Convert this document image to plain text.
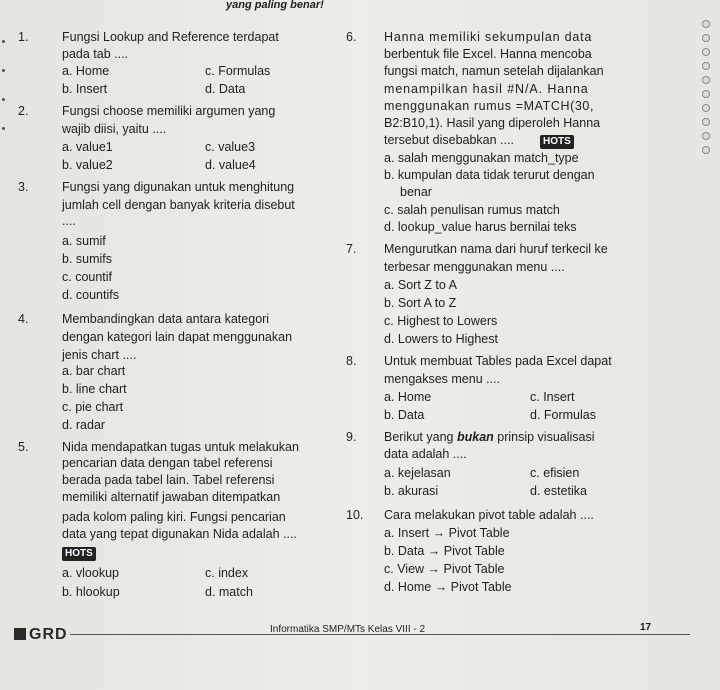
yang paling benar!
1.	Fungsi Lookup and Reference terdapat
pada tab ....
a. Home	c. Formulas
b. Insert	d. Data
2.	Fungsi choose memiliki argumen yang
wajib diisi, yaitu ....
a. value1	c. value3
b. value2	d. value4
3.	Fungsi yang digunakan untuk menghitung
jumlah cell dengan banyak kriteria disebut
....
a. sumif
b. sumifs
c. countif
d. countifs
4.	Membandingkan data antara kategori
dengan kategori lain dapat menggunakan
jenis chart ....
a. bar chart
b. line chart
c. pie chart
d. radar
5.	Nida mendapatkan tugas untuk melakukan
pencarian data dengan tabel referensi
berada pada tabel lain. Tabel referensi
memiliki alternatif jawaban ditempatkan
pada kolom paling kiri. Fungsi pencarian
data yang tepat digunakan Nida adalah ....
HOTS
a. vlookup	c. index
b. hlookup	d. match
6. Hanna memiliki sekumpulan data
berbentuk file Excel. Hanna mencoba
fungsi match, namun setelah dijalankan
menampilkan hasil #N/A. Hanna
menggunakan rumus =MATCH(30,
B2:B10,1). Hasil yang diperoleh Hanna
tersebut disebabkan ....	HOTS
a. salah menggunakan match_type
b. kumpulan data tidak terurut dengan
benar
c. salah penulisan rumus match
d. lookup_value harus bernilai teks
7. Mengurutkan nama dari huruf terkecil ke
terbesar menggunakan menu ....
a. Sort Z to A
b. Sort A to Z
c. Highest to Lowers
d. Lowers to Highest
8. Untuk membuat Tables pada Excel dapat
mengakses menu ....
a. Home	c. Insert
b. Data	d. Formulas
9. Berikut yang bukan prinsip visualisasi
data adalah ....
a. kejelasan	c. efisien
b. akurasi	d. estetika
10. Cara melakukan pivot table adalah ....
a. Insert → Pivot Table
b. Data → Pivot Table
c. View → Pivot Table
d. Home → Pivot Table
GRD	Informatika SMP/MTs Kelas VIII - 2	17
